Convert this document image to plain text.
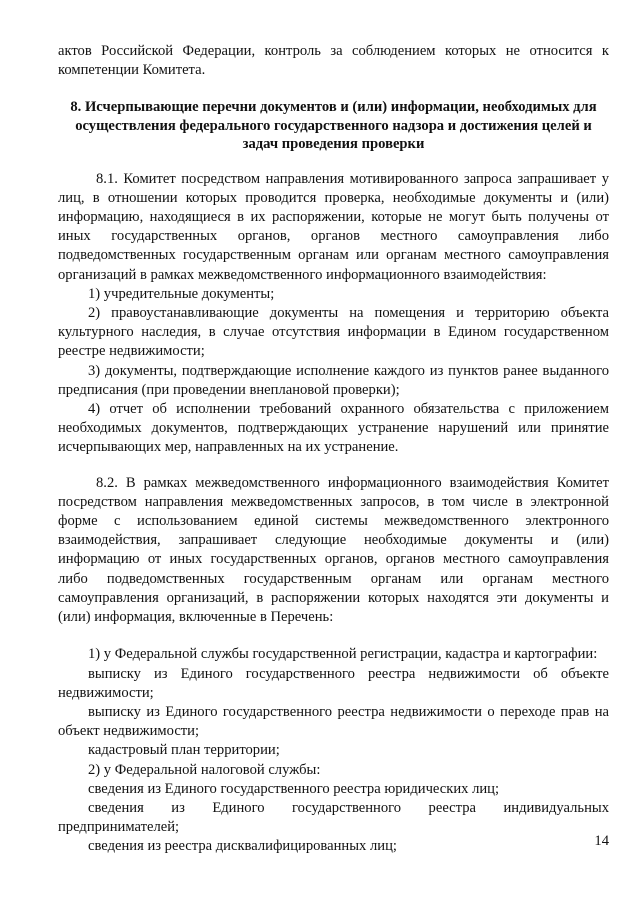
актов Российской Федерации, контроль за соблюдением которых не относится к компетенции Комитета.

8. Исчерпывающие перечни документов и (или) информации, необходимых для осуществления федерального государственного надзора и достижения целей и задач проведения проверки

8.1. Комитет посредством направления мотивированного запроса запрашивает у лиц, в отношении которых проводится проверка, необходимые документы и (или) информацию, находящиеся в их распоряжении, которые не могут быть получены от иных государственных органов, органов местного самоуправления либо подведомственных государственным органам или органам местного самоуправления организаций в рамках межведомственного информационного взаимодействия:

1) учредительные документы;

2) правоустанавливающие документы на помещения и территорию объекта культурного наследия, в случае отсутствия информации в Едином государственном реестре недвижимости;

3) документы, подтверждающие исполнение каждого из пунктов ранее выданного предписания (при проведении внеплановой проверки);

4) отчет об исполнении требований охранного обязательства с приложением необходимых документов, подтверждающих устранение нарушений или принятие исчерпывающих мер, направленных на их устранение.

8.2. В рамках межведомственного информационного взаимодействия Комитет посредством направления межведомственных запросов, в том числе в электронной форме с использованием единой системы межведомственного электронного взаимодействия, запрашивает следующие необходимые документы и (или) информацию от иных государственных органов, органов местного самоуправления либо подведомственных государственным органам или органам местного самоуправления организаций, в распоряжении которых находятся эти документы и (или) информация, включенные в Перечень:

1) у Федеральной службы государственной регистрации, кадастра и картографии:

выписку из Единого государственного реестра недвижимости об объекте недвижимости;

выписку из Единого государственного реестра недвижимости о переходе прав на объект недвижимости;

кадастровый план территории;

2) у Федеральной налоговой службы:

сведения из Единого государственного реестра юридических лиц;

сведения из Единого государственного реестра индивидуальных предпринимателей;

сведения из реестра дисквалифицированных лиц;	14
